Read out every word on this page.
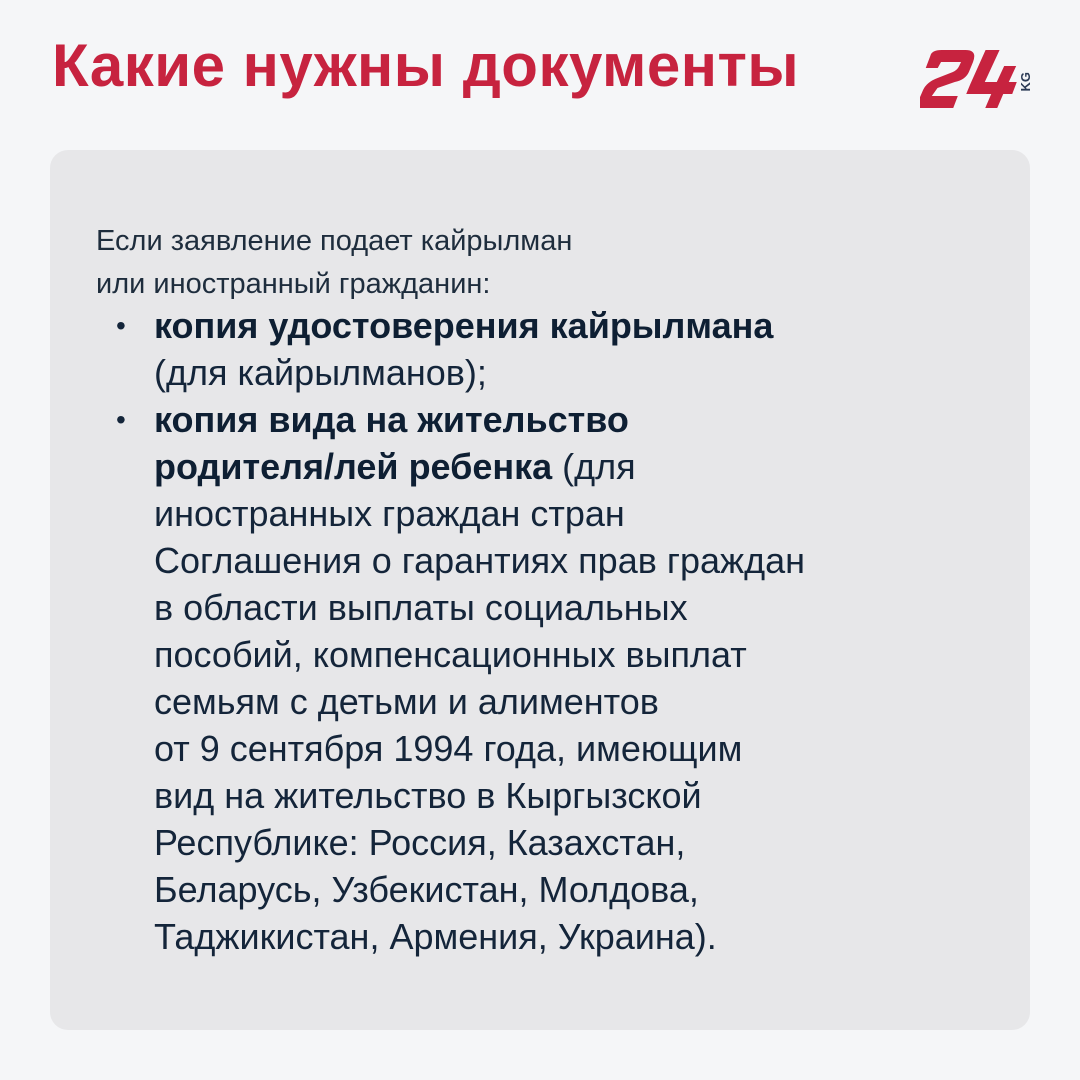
Какие нужны документы	KG

Если заявление подает кайрылман
или иностранный гражданин:

• копия удостоверения кайрылмана
(для кайрылманов);
• копия вида на жительство
родителя/лей ребенка (для
иностранных граждан стран
Соглашения о гарантиях прав граждан
в области выплаты социальных
пособий, компенсационных выплат
семьям с детьми и алиментов
от 9 сентября 1994 года, имеющим
вид на жительство в Кыргызской
Республике: Россия, Казахстан,
Беларусь, Узбекистан, Молдова,
Таджикистан, Армения, Украина).
